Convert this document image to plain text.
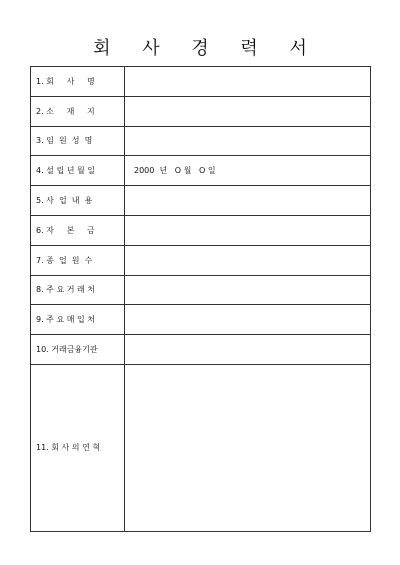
회 사 경 력 서
1. 회     사     명	
2. 소     재     지	
3. 임  원  성  명	
4. 설 립 년 월 일	2000  년   O 월   O 일
5. 사  업  내  용	
6. 자     본     금	
7. 종  업  원  수	
8. 주 요 거 래 처	
9. 주 요 매 입 처	
10. 거래금융기관	
11. 회 사 의 연 혁	
